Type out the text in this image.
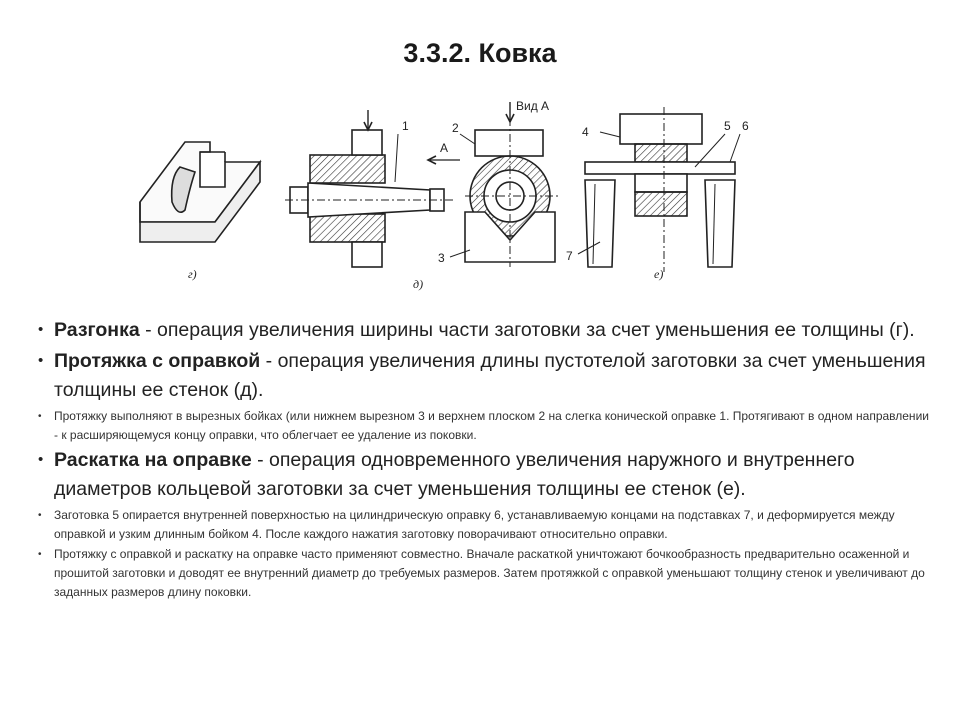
3.3.2. Ковка
г)
1
А
д)
Вид А
2
3
4	5 6
7
е)
• Разгонка - операция увеличения ширины части заготовки за счет уменьшения ее толщины (г).
• Протяжка с оправкой - операция увеличения длины пустотелой заготовки за счет уменьшения толщины ее стенок (д).
• Протяжку выполняют в вырезных бойках (или нижнем вырезном 3 и верхнем плоском 2 на слегка конической оправке 1. Протягивают в одном направлении - к расширяющемуся концу оправки, что облегчает ее удаление из поковки.
• Раскатка на оправке - операция одновременного увеличения наружного и внутреннего диаметров кольцевой заготовки за счет уменьшения толщины ее стенок (е).
• Заготовка 5 опирается внутренней поверхностью на цилиндрическую оправку 6, устанавливаемую концами на подставках 7, и деформируется между оправкой и узким длинным бойком 4. После каждого нажатия заготовку поворачивают относительно оправки.
• Протяжку с оправкой и раскатку на оправке часто применяют совместно. Вначале раскаткой уничтожают бочкообразность предварительно осаженной и прошитой заготовки и доводят ее внутренний диаметр до требуемых размеров. Затем протяжкой с оправкой уменьшают толщину стенок и увеличивают до заданных размеров длину поковки.
